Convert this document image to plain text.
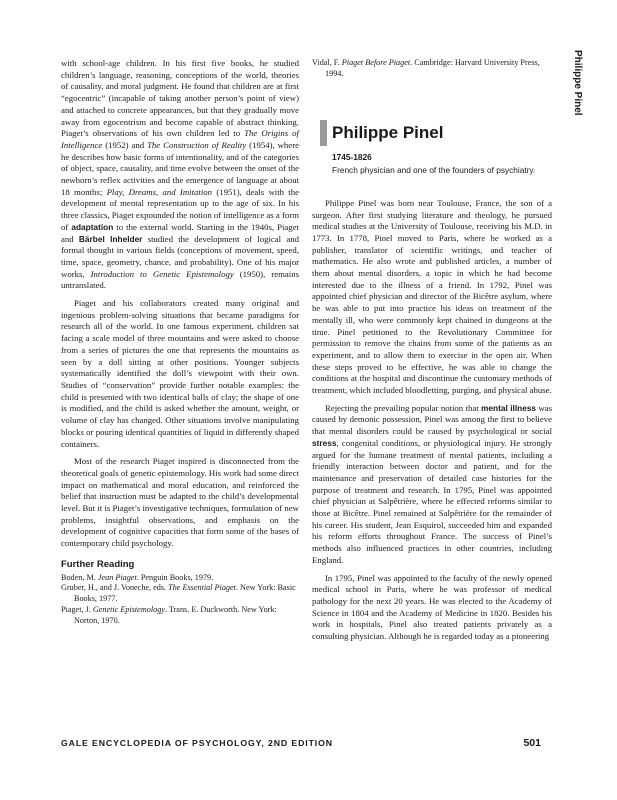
with school-age children. In his first five books, he studied children’s language, reasoning, conceptions of the world, theories of causality, and moral judgment. He found that children are at first “egocentric” (incapable of taking another person’s point of view) and attached to concrete appearances, but that they gradually move away from egocentrism and become capable of abstract thinking. Piaget’s observations of his own children led to The Origins of Intelligence (1952) and The Construction of Reality (1954), where he describes how basic forms of intentionality, and of the categories of object, space, causality, and time evolve between the onset of the newborn’s reflex activities and the emergence of language at about 18 months; Play, Dreams, and Imitation (1951), deals with the development of mental representation up to the age of six. In his three classics, Piaget expounded the notion of intelligence as a form of adaptation to the external world. Starting in the 1940s, Piaget and Bärbel Inhelder studied the development of logical and formal thought in various fields (conceptions of movement, speed, time, space, geometry, chance, and probability). One of his major works, Introduction to Genetic Epistemology (1950), remains untranslated.

Piaget and his collaborators created many original and ingenious problem-solving situations that became paradigms for research all of the world. In one famous experiment, children sat facing a scale model of three mountains and were asked to choose from a series of pictures the one that represents the mountains as seen by a doll sitting at other positions. Younger subjects systematically identified the doll’s viewpoint with their own. Studies of “conservation” provide further notable examples: the child is presented with two identical balls of clay; the shape of one is modified, and the child is asked whether the amount, weight, or volume of clay has changed. Other situations involve manipulating blocks or pouring identical quantities of liquid in differently shaped containers.

Most of the research Piaget inspired is disconnected from the theoretical goals of genetic epistemology. His work had some direct impact on mathematical and moral education, and reinforced the belief that instruction must be adapted to the child’s developmental level. But it is Piaget’s investigative techniques, formulation of new problems, insightful observations, and emphasis on the development of cognitive capacities that form some of the bases of contemporary child psychology.

Further Reading

Boden, M. Jean Piaget. Penguin Books, 1979.

Gruber, H., and J. Voneche, eds. The Essential Piaget. New York: Basic Books, 1977.

Piaget, J. Genetic Epistemology. Trans. E. Duckworth. New York: Norton, 1970.

Vidal, F. Piaget Before Piaget. Cambridge: Harvard University Press, 1994.

Philippe Pinel
1745-1826
French physician and one of the founders of psychiatry.

Philippe Pinel was born near Toulouse, France, the son of a surgeon. After first studying literature and theology, he pursued medical studies at the University of Toulouse, receiving his M.D. in 1773. In 1778, Pinel moved to Paris, where he worked as a publisher, translator of scientific writings, and teacher of mathematics. He also wrote and published articles, a number of them about mental disorders, a topic in which he had become interested due to the illness of a friend. In 1792, Pinel was appointed chief physician and director of the Bicêtre asylum, where he was able to put into practice his ideas on treatment of the mentally ill, who were commonly kept chained in dungeons at the time. Pinel petitioned to the Revolutionary Committee for permission to remove the chains from some of the patients as an experiment, and to allow them to exercise in the open air. When these steps proved to be effective, he was able to change the conditions at the hospital and discontinue the customary methods of treatment, which included bloodletting, purging, and physical abuse.

Rejecting the prevailing popular notion that mental illness was caused by demonic possession, Pinel was among the first to believe that mental disorders could be caused by psychological or social stress, congenital conditions, or physiological injury. He strongly argued for the humane treatment of mental patients, including a friendly interaction between doctor and patient, and for the maintenance and preservation of detailed case histories for the purpose of treatment and research. In 1795, Pinel was appointed chief physician at Salpêtrière, where he effected reforms similar to those at Bicêtre. Pinel remained at Salpêtrière for the remainder of his career. His student, Jean Esquirol, succeeded him and expanded his reform efforts throughout France. The success of Pinel’s methods also influenced practices in other countries, including England.

In 1795, Pinel was appointed to the faculty of the newly opened medical school in Paris, where he was professor of medical pathology for the next 20 years. He was elected to the Academy of Science in 1804 and the Academy of Medicine in 1820. Besides his work in hospitals, Pinel also treated patients privately as a consulting physician. Although he is regarded today as a pioneering

Philippe Pinel
GALE ENCYCLOPEDIA OF PSYCHOLOGY, 2ND EDITION	501
